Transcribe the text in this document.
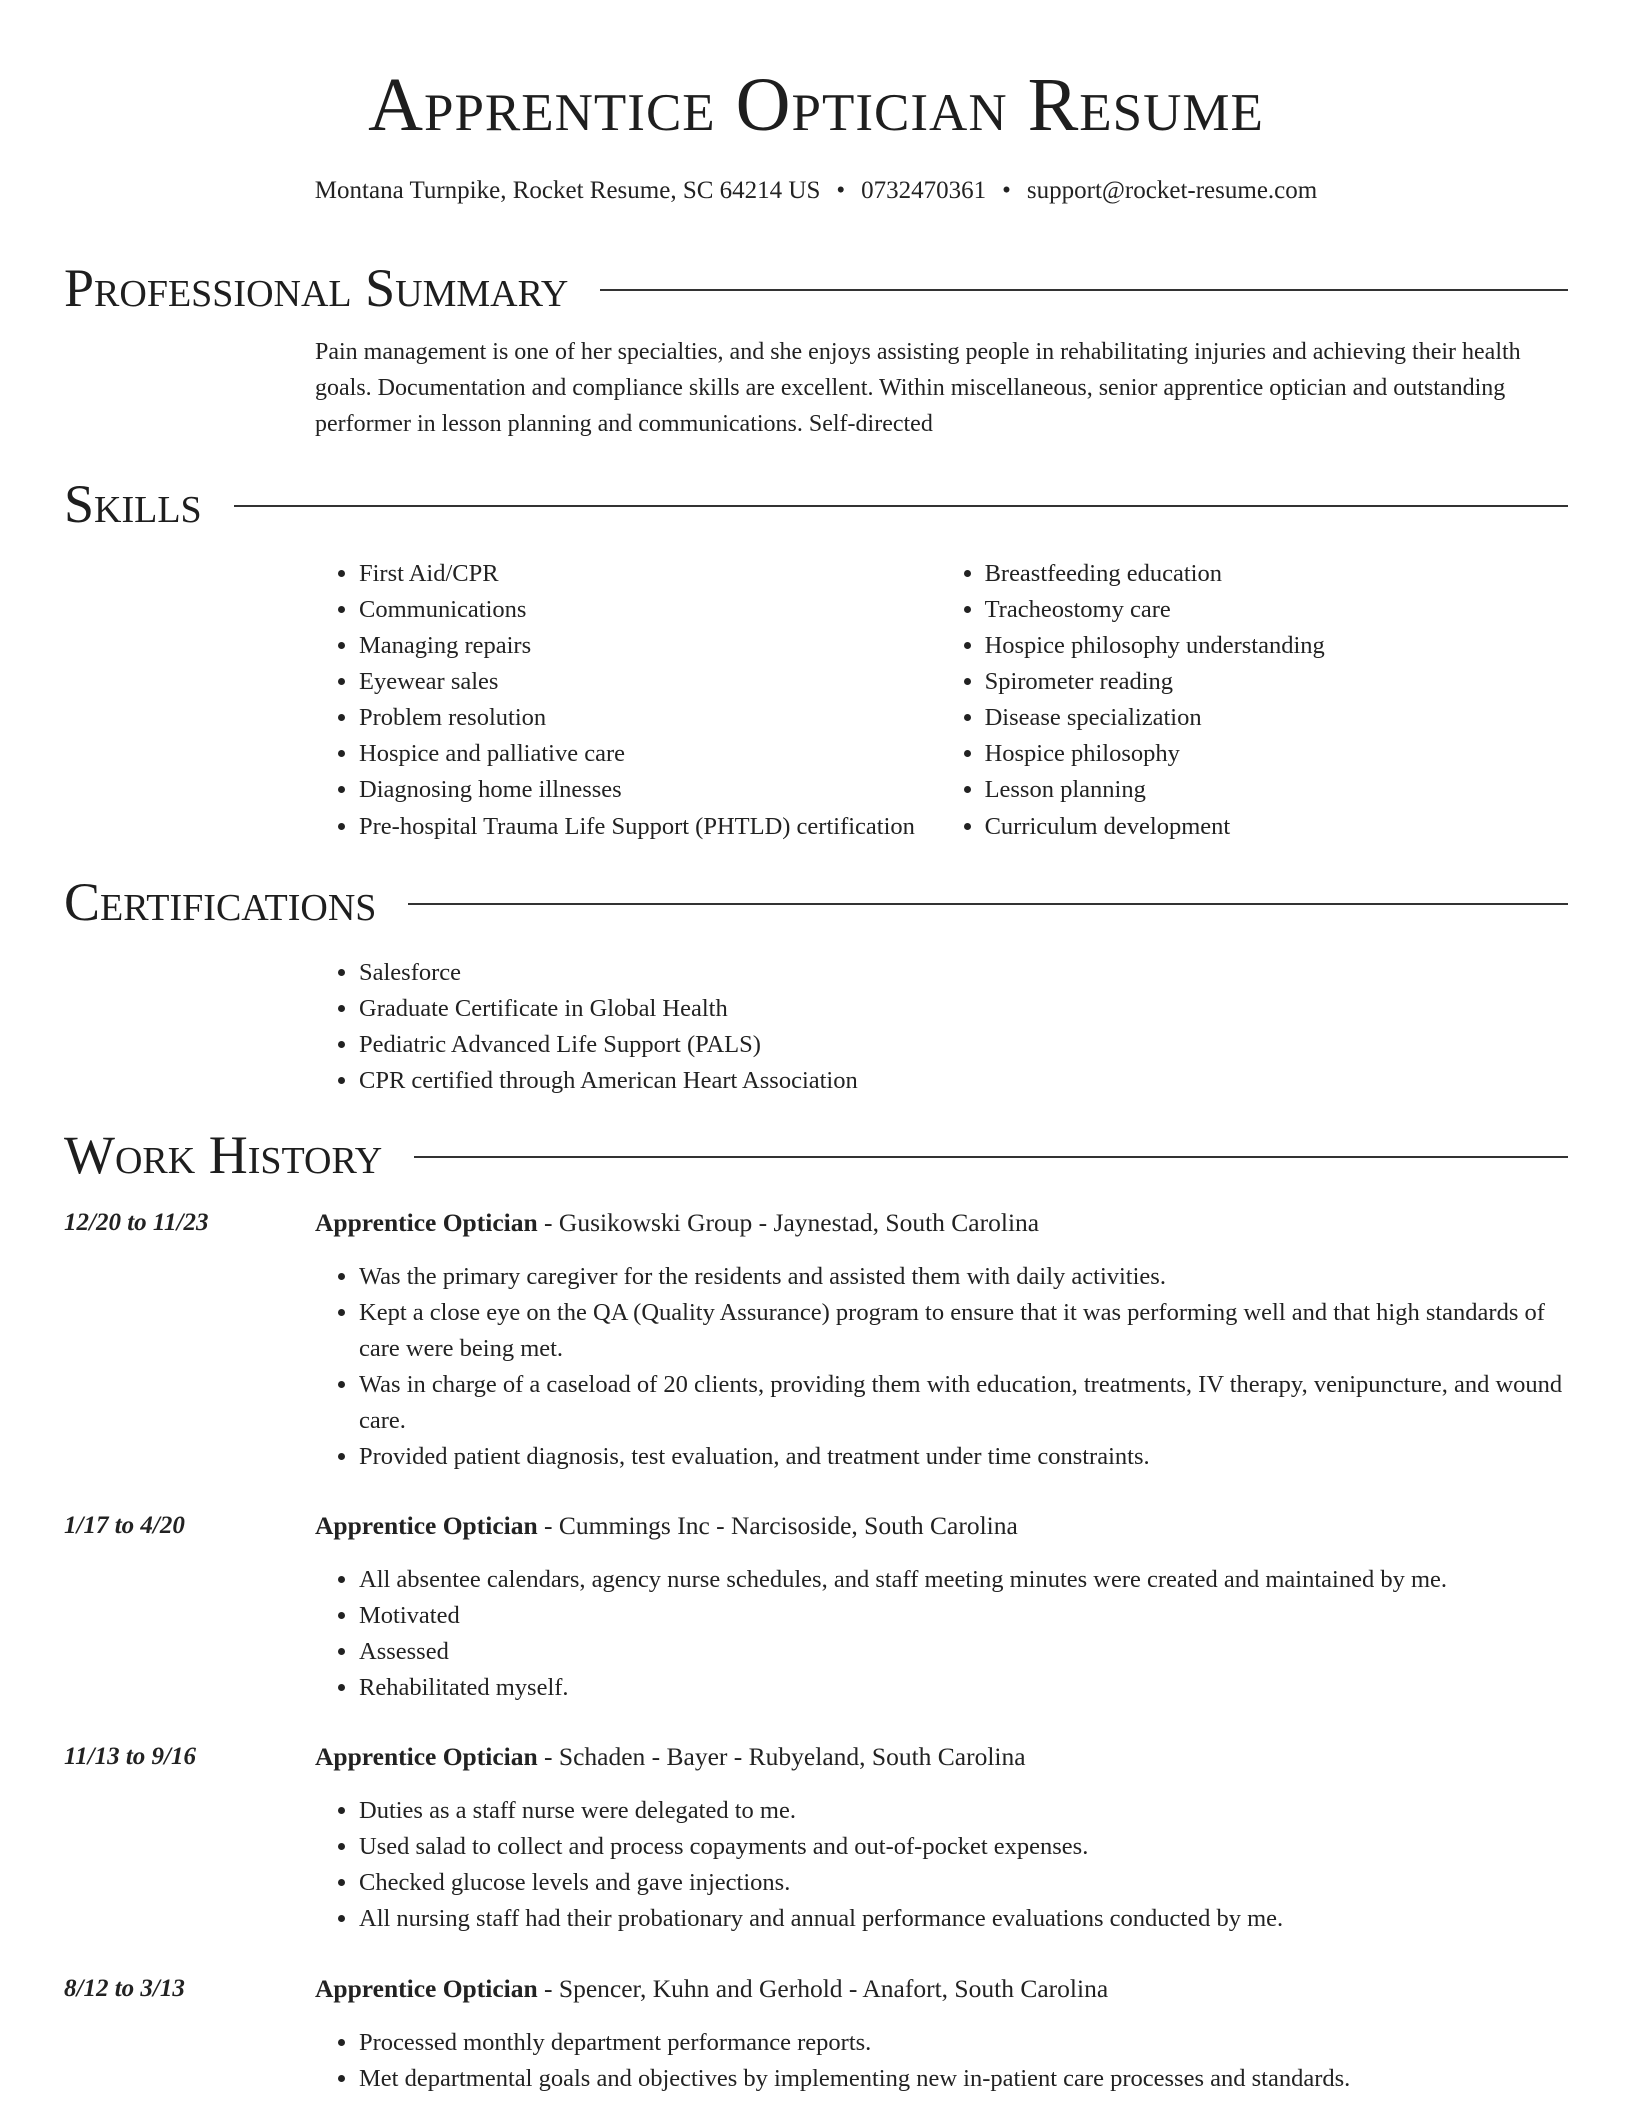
Apprentice Optician Resume
Montana Turnpike, Rocket Resume, SC 64214 US • 0732470361 • support@rocket-resume.com
Professional Summary
Pain management is one of her specialties, and she enjoys assisting people in rehabilitating injuries and achieving their health goals. Documentation and compliance skills are excellent. Within miscellaneous, senior apprentice optician and outstanding performer in lesson planning and communications. Self-directed
Skills
• First Aid/CPR
• Communications
• Managing repairs
• Eyewear sales
• Problem resolution
• Hospice and palliative care
• Diagnosing home illnesses
• Pre-hospital Trauma Life Support (PHTLD) certification
• Breastfeeding education
• Tracheostomy care
• Hospice philosophy understanding
• Spirometer reading
• Disease specialization
• Hospice philosophy
• Lesson planning
• Curriculum development
Certifications
• Salesforce
• Graduate Certificate in Global Health
• Pediatric Advanced Life Support (PALS)
• CPR certified through American Heart Association
Work History
12/20 to 11/23	Apprentice Optician - Gusikowski Group - Jaynestad, South Carolina
• Was the primary caregiver for the residents and assisted them with daily activities.
• Kept a close eye on the QA (Quality Assurance) program to ensure that it was performing well and that high standards of care were being met.
• Was in charge of a caseload of 20 clients, providing them with education, treatments, IV therapy, venipuncture, and wound care.
• Provided patient diagnosis, test evaluation, and treatment under time constraints.
1/17 to 4/20	Apprentice Optician - Cummings Inc - Narcisoside, South Carolina
• All absentee calendars, agency nurse schedules, and staff meeting minutes were created and maintained by me.
• Motivated
• Assessed
• Rehabilitated myself.
11/13 to 9/16	Apprentice Optician - Schaden - Bayer - Rubyeland, South Carolina
• Duties as a staff nurse were delegated to me.
• Used salad to collect and process copayments and out-of-pocket expenses.
• Checked glucose levels and gave injections.
• All nursing staff had their probationary and annual performance evaluations conducted by me.
8/12 to 3/13	Apprentice Optician - Spencer, Kuhn and Gerhold - Anafort, South Carolina
• Processed monthly department performance reports.
• Met departmental goals and objectives by implementing new in-patient care processes and standards.
